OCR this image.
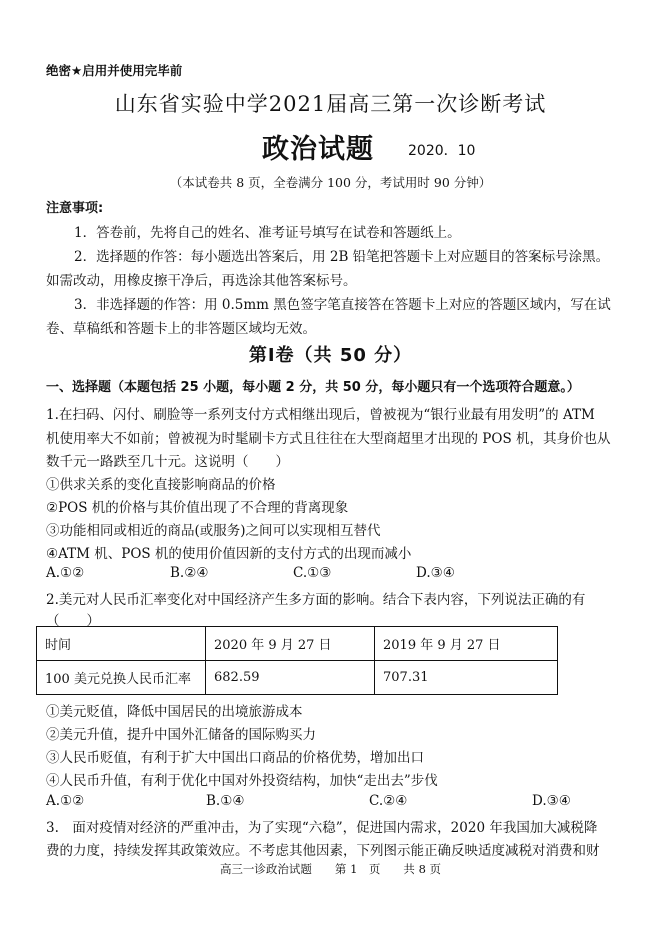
绝密★启用并使用完毕前
山东省实验中学2021届高三第一次诊断考试
政治试题 2020．10
（本试卷共 8 页，全卷满分 100 分，考试用时 90 分钟）
注意事项:
1．答卷前，先将自己的姓名、准考证号填写在试卷和答题纸上。
2．选择题的作答：每小题选出答案后，用 2B 铅笔把答题卡上对应题目的答案标号涂黑。
如需改动，用橡皮擦干净后，再选涂其他答案标号。
3．非选择题的作答：用 0.5mm 黑色签字笔直接答在答题卡上对应的答题区域内，写在试
卷、草稿纸和答题卡上的非答题区域均无效。
第Ⅰ卷（共 50 分）
一、选择题（本题包括 25 小题，每小题 2 分，共 50 分，每小题只有一个选项符合题意。）
1.在扫码、闪付、刷脸等一系列支付方式相继出现后，曾被视为“银行业最有用发明”的 ATM
机使用率大不如前；曾被视为时髦刷卡方式且往往在大型商超里才出现的 POS 机，其身价也从
数千元一路跌至几十元。这说明（　　）
①供求关系的变化直接影响商品的价格
②POS 机的价格与其价值出现了不合理的背离现象
③功能相同或相近的商品(或服务)之间可以实现相互替代
④ATM 机、POS 机的使用价值因新的支付方式的出现而减小
A.①②	B.②④	C.①③	D.③④
2.美元对人民币汇率变化对中国经济产生多方面的影响。结合下表内容，下列说法正确的有
（　　）
时间	2020 年 9 月 27 日	2019 年 9 月 27 日
100 美元兑换人民币汇率	682.59	707.31
①美元贬值，降低中国居民的出境旅游成本
②美元升值，提升中国外汇储备的国际购买力
③人民币贬值，有利于扩大中国出口商品的价格优势，增加出口
④人民币升值，有利于优化中国对外投资结构，加快“走出去”步伐
A.①②	B.①④	C.②④	D.③④
3.　面对疫情对经济的严重冲击，为了实现“六稳”，促进国内需求，2020 年我国加大减税降
费的力度，持续发挥其政策效应。不考虑其他因素，下列图示能正确反映适度减税对消费和财
高三一诊政治试题　　第 1　页　　共 8 页
